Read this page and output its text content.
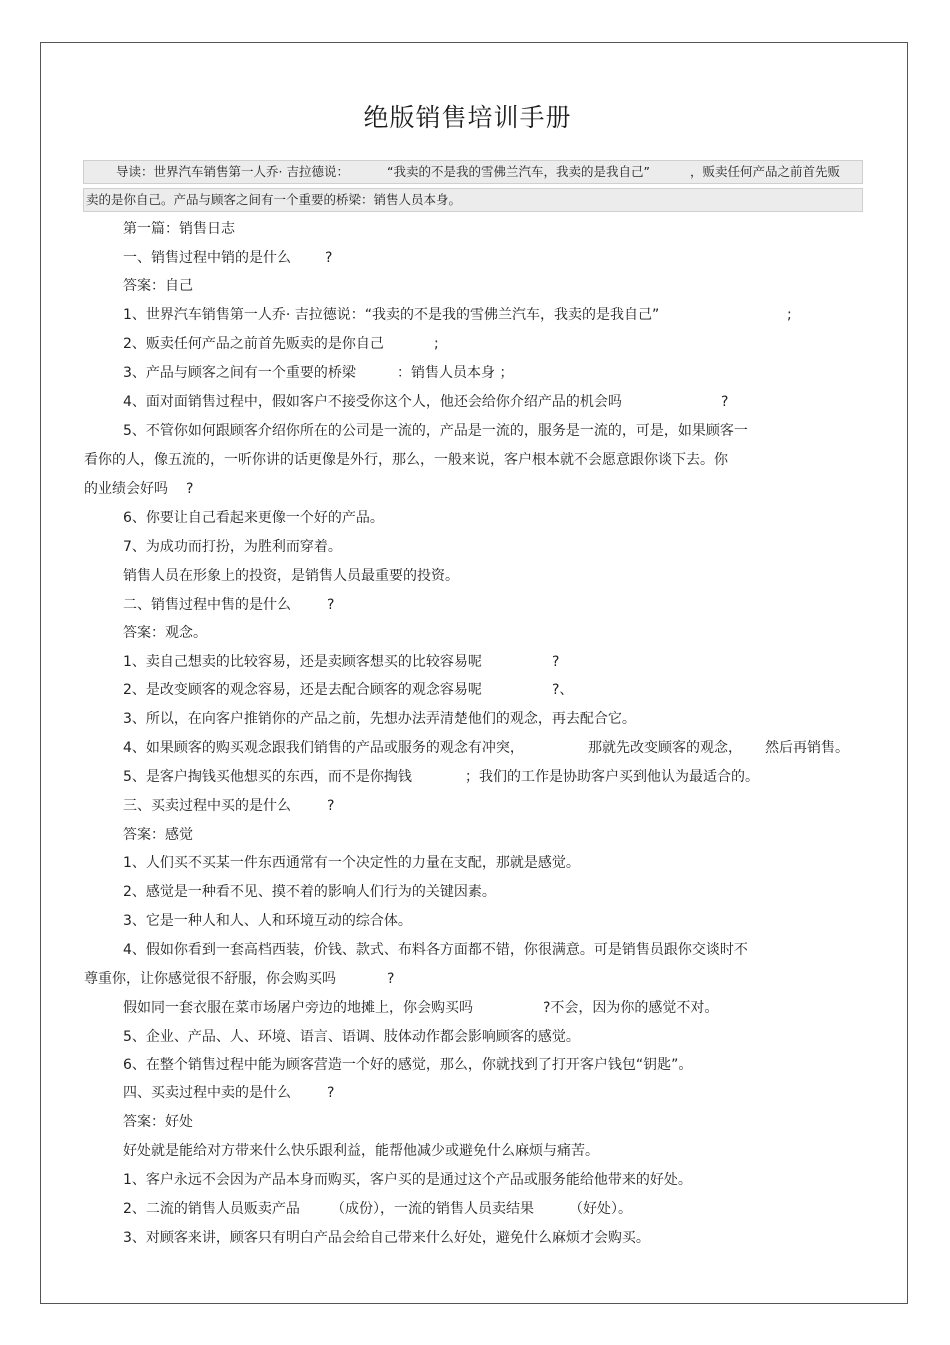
绝版销售培训手册
导读：世界汽车销售第一人乔· 吉拉德说：	“我卖的不是我的雪佛兰汽车，我卖的是我自己”	，贩卖任何产品之前首先贩
卖的是你自己。产品与顾客之间有一个重要的桥梁：销售人员本身。
第一篇：销售日志
一、销售过程中销的是什么 ?
答案：自己
1、世界汽车销售第一人乔· 吉拉德说：“我卖的不是我的雪佛兰汽车，我卖的是我自己”	;
2、贩卖任何产品之前首先贩卖的是你自己	;
3、产品与顾客之间有一个重要的桥梁	：销售人员本身 ；
4、面对面销售过程中，假如客户不接受你这个人，他还会给你介绍产品的机会吗	?
5、不管你如何跟顾客介绍你所在的公司是一流的，产品是一流的，服务是一流的，可是，如果顾客一
看你的人，像五流的，一听你讲的话更像是外行，那么，一般来说，客户根本就不会愿意跟你谈下去。你
的业绩会好吗 ?
6、你要让自己看起来更像一个好的产品。
7、为成功而打扮，为胜利而穿着。
销售人员在形象上的投资，是销售人员最重要的投资。
二、销售过程中售的是什么	?
答案：观念。
1、卖自己想卖的比较容易，还是卖顾客想买的比较容易呢	?
2、是改变顾客的观念容易，还是去配合顾客的观念容易呢	?、
3、所以，在向客户推销你的产品之前，先想办法弄清楚他们的观念，再去配合它。
4、如果顾客的购买观念跟我们销售的产品或服务的观念有冲突，	那就先改变顾客的观念， 然后再销售。
5、是客户掏钱买他想买的东西，而不是你掏钱	；我们的工作是协助客户买到他认为最适合的。
三、买卖过程中买的是什么	?
答案：感觉
1、人们买不买某一件东西通常有一个决定性的力量在支配，那就是感觉。
2、感觉是一种看不见、摸不着的影响人们行为的关键因素。
3、它是一种人和人、人和环境互动的综合体。
4、假如你看到一套高档西装，价钱、款式、布料各方面都不错，你很满意。可是销售员跟你交谈时不
尊重你，让你感觉很不舒服，你会购买吗	?
假如同一套衣服在菜市场屠户旁边的地摊上，你会购买吗	?不会，因为你的感觉不对。
5、企业、产品、人、环境、语言、语调、肢体动作都会影响顾客的感觉。
6、在整个销售过程中能为顾客营造一个好的感觉，那么，你就找到了打开客户钱包“钥匙”。
四、买卖过程中卖的是什么	?
答案：好处
好处就是能给对方带来什么快乐跟利益，能帮他减少或避免什么麻烦与痛苦。
1、客户永远不会因为产品本身而购买，客户买的是通过这个产品或服务能给他带来的好处。
2、二流的销售人员贩卖产品 （成份），一流的销售人员卖结果	（好处）。
3、对顾客来讲，顾客只有明白产品会给自己带来什么好处，避免什么麻烦才会购买。
